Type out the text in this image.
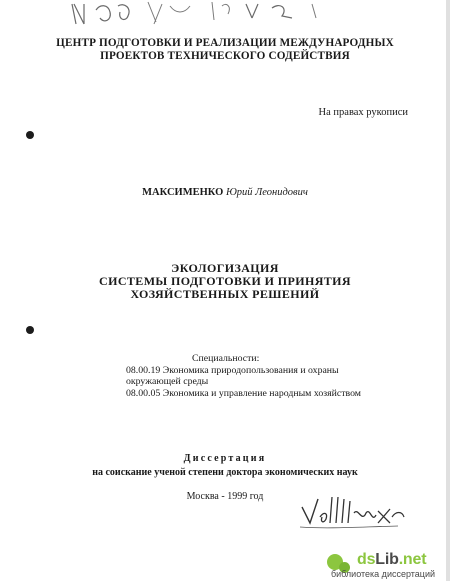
ЦЕНТР ПОДГОТОВКИ И РЕАЛИЗАЦИИ МЕЖДУНАРОДНЫХ
ПРОЕКТОВ ТЕХНИЧЕСКОГО СОДЕЙСТВИЯ
На правах рукописи
МАКСИМЕНКО Юрий Леонидович
ЭКОЛОГИЗАЦИЯ
СИСТЕМЫ ПОДГОТОВКИ И ПРИНЯТИЯ
ХОЗЯЙСТВЕННЫХ РЕШЕНИЙ
Специальности:
08.00.19 Экономика природопользования и охраны
окружающей среды
08.00.05 Экономика и управление народным хозяйством
Диссертация
на соискание ученой степени доктора экономических наук
Москва - 1999 год
dsLib.net
библиотека диссертаций
